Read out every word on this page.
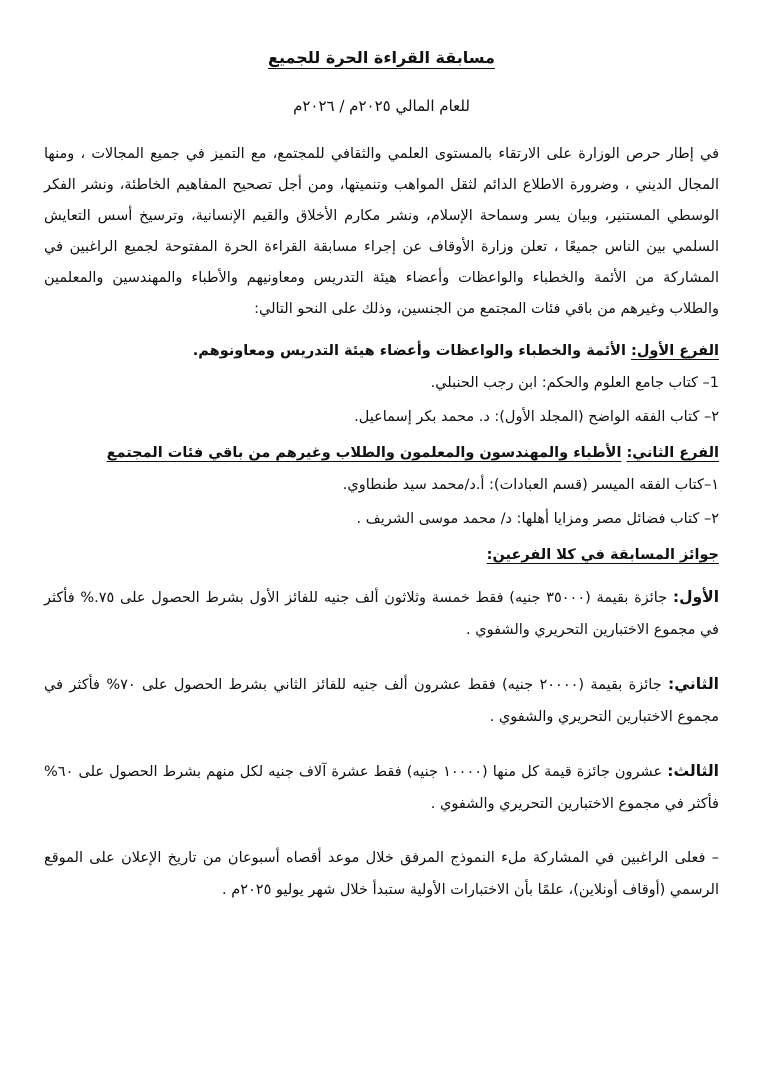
مسابقة القراءة الحرة للجميع
للعام المالي ٢٠٢٥م / ٢٠٢٦م

في إطار حرص الوزارة على الارتقاء بالمستوى العلمي والثقافي للمجتمع، مع التميز في جميع المجالات ، ومنها المجال الديني ، وضرورة الاطلاع الدائم لثقل المواهب وتنميتها، ومن أجل تصحيح المفاهيم الخاطئة، ونشر الفكر الوسطي المستنير، وبيان يسر وسماحة الإسلام، ونشر مكارم الأخلاق والقيم الإنسانية، وترسيخ أسس التعايش السلمي بين الناس جميعًا ، تعلن وزارة الأوقاف عن إجراء مسابقة القراءة الحرة المفتوحة لجميع الراغبين في المشاركة من الأئمة والخطباء والواعظات وأعضاء هيئة التدريس ومعاونيهم والأطباء والمهندسين والمعلمين والطلاب وغيرهم من باقي فئات المجتمع من الجنسين، وذلك على النحو التالي:

الفرع الأول: الأئمة والخطباء والواعظات وأعضاء هيئة التدريس ومعاونوهم.
1– كتاب جامع العلوم والحكم: ابن رجب الحنبلي.
٢– كتاب الفقه الواضح (المجلد الأول): د. محمد بكر إسماعيل.
الفرع الثاني: الأطباء والمهندسون والمعلمون والطلاب وغيرهم من باقي فئات المجتمع
١–كتاب الفقه الميسر (قسم العبادات): أ.د/محمد سيد طنطاوي.
٢– كتاب فضائل مصر ومزايا أهلها: د/ محمد موسى الشريف .
جوائز المسابقة في كلا الفرعين:

الأول: جائزة بقيمة (٣٥٠٠٠ جنيه) فقط خمسة وثلاثون ألف جنيه للفائز الأول بشرط الحصول على ٧٥.% فأكثر في مجموع الاختبارين التحريري والشفوي .

الثاني: جائزة بقيمة (٢٠٠٠٠ جنيه) فقط عشرون ألف جنيه للفائز الثاني بشرط الحصول على ٧٠% فأكثر في مجموع الاختبارين التحريري والشفوي .

الثالث: عشرون جائزة قيمة كل منها (١٠٠٠٠ جنيه) فقط عشرة آلاف جنيه لكل منهم بشرط الحصول على ٦٠% فأكثر في مجموع الاختبارين التحريري والشفوي .

– فعلى الراغبين في المشاركة ملء النموذج المرفق خلال موعد أقصاه أسبوعان من تاريخ الإعلان على الموقع الرسمي (أوقاف أونلاين)، علمًا بأن الاختبارات الأولية ستبدأ خلال شهر يوليو ٢٠٢٥م .
